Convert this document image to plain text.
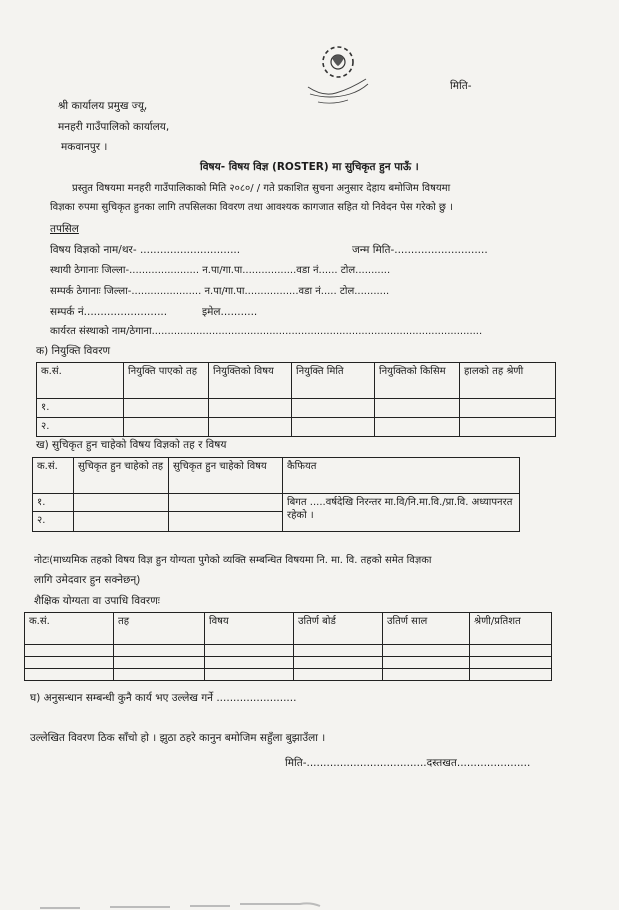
मिति-
श्री कार्यालय प्रमुख ज्यू,
मनहरी गाउँपालिको कार्यालय,
मकवानपुर ।
विषय- विषय विज्ञ (ROSTER) मा सुचिकृत हुन पाऊँ ।
प्रस्तुत विषयमा मनहरी गाउँपालिकाको मिति २०८०/ / गते प्रकाशित सुचना अनुसार देहाय बमोजिम विषयमा
विज्ञका रुपमा सुचिकृत हुनका लागि तपसिलका विवरण तथा आवश्यक कागजात सहित यो निवेदन पेस गरेको छु ।
तपसिल
विषय विज्ञको नाम/थर- ..............................	जन्म मिति-............................
स्थायी ठेगानाः जिल्ला-...................... न.पा/गा.पा.................वडा नं...... टोल...........
सम्पर्क ठेगानाः जिल्ला-...................... न.पा/गा.पा.................वडा नं..... टोल...........
सम्पर्क नं.........................	इमेल...........
कार्यरत संस्थाको नाम/ठेगाना........................................................................................................
क) नियुक्ति विवरण
क.सं.	नियुक्ति पाएको तह	नियुक्तिको विषय	नियुक्ति मिति	नियुक्तिको किसिम	हालको तह श्रेणी
१.					
२.					
ख) सुचिकृत हुन चाहेको विषय विज्ञको तह र विषय
क.सं.	सुचिकृत हुन चाहेको तह	सुचिकृत हुन चाहेको विषय	कैफियत
१.			बिगत .....वर्षदेखि निरन्तर मा.वि/नि.मा.वि./प्रा.वि. अध्यापनरत रहेको ।
२.			
नोटः(माध्यमिक तहको विषय विज्ञ हुन योग्यता पुगेको व्यक्ति सम्बन्धित विषयमा नि. मा. वि. तहको समेत विज्ञका
लागि उमेदवार हुन सक्नेछन्)
शैक्षिक योग्यता वा उपाधि विवरणः
क.सं.	तह	विषय	उतिर्ण बोर्ड	उतिर्ण साल	श्रेणी/प्रतिशत

घ) अनुसन्धान सम्बन्धी कुनै कार्य भए उल्लेख गर्ने ........................
उल्लेखित विवरण ठिक साँचो हो । झुठा ठहरे कानुन बमोजिम सहुँला बुझाउँला ।
मिति-....................................दस्तखत......................
